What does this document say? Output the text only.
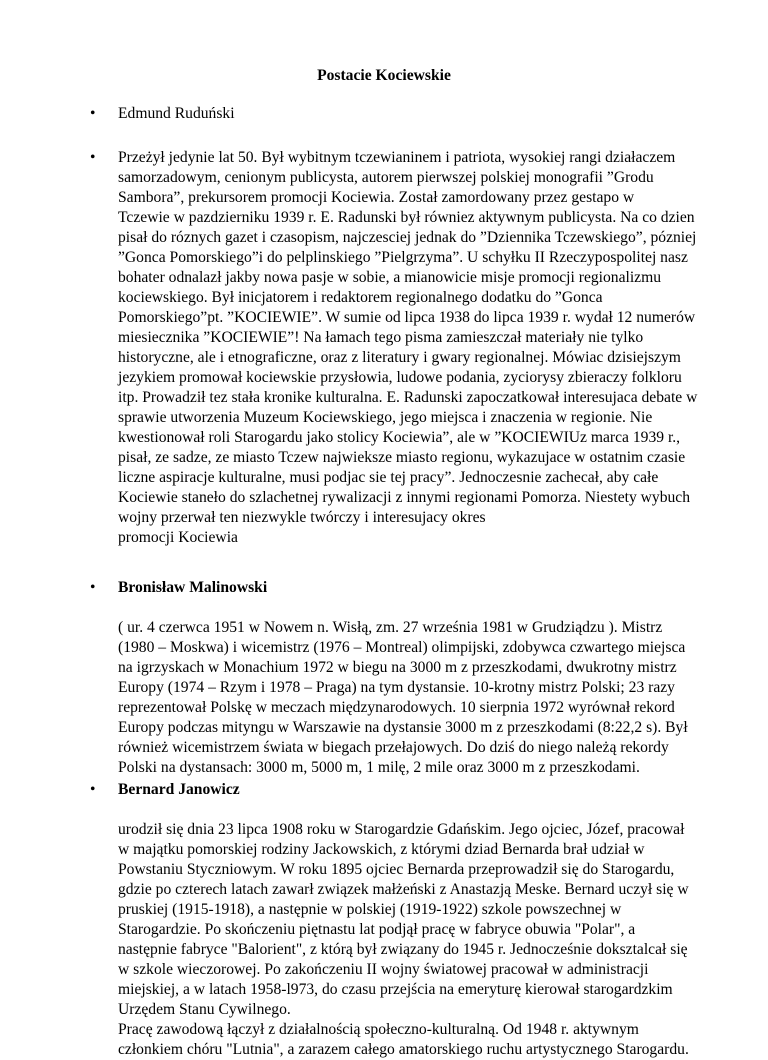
Postacie Kociewskie
• Edmund Ruduński
• Przeżył jedynie lat 50. Był wybitnym tczewianinem i patriota, wysokiej rangi działaczem
samorzadowym, cenionym publicysta, autorem pierwszej polskiej monografii ”Grodu
Sambora”, prekursorem promocji Kociewia. Został zamordowany przez gestapo w
Tczewie w pazdzierniku 1939 r. E. Radunski był równiez aktywnym publicysta. Na co dzien
pisał do róznych gazet i czasopism, najczesciej jednak do ”Dziennika Tczewskiego”, pózniej
”Gonca Pomorskiego”i do pelplinskiego ”Pielgrzyma”. U schyłku II Rzeczypospolitej nasz
bohater odnalazł jakby nowa pasje w sobie, a mianowicie misje promocji regionalizmu
kociewskiego. Był inicjatorem i redaktorem regionalnego dodatku do ”Gonca
Pomorskiego”pt. ”KOCIEWIE”. W sumie od lipca 1938 do lipca 1939 r. wydał 12 numerów
miesiecznika ”KOCIEWIE”! Na łamach tego pisma zamieszczał materiały nie tylko
historyczne, ale i etnograficzne, oraz z literatury i gwary regionalnej. Mówiac dzisiejszym
jezykiem promował kociewskie przysłowia, ludowe podania, zyciorysy zbieraczy folkloru
itp. Prowadził tez stała kronike kulturalna. E. Radunski zapoczatkował interesujaca debate w
sprawie utworzenia Muzeum Kociewskiego, jego miejsca i znaczenia w regionie. Nie
kwestionował roli Starogardu jako stolicy Kociewia”, ale w ”KOCIEWIUz marca 1939 r.,
pisał, ze sadze, ze miasto Tczew najwieksze miasto regionu, wykazujace w ostatnim czasie
liczne aspiracje kulturalne, musi podjac sie tej pracy”. Jednoczesnie zachecał, aby całe
Kociewie staneło do szlachetnej rywalizacji z innymi regionami Pomorza. Niestety wybuch
wojny przerwał ten niezwykle twórczy i interesujacy okres
promocji Kociewia
• Bronisław Malinowski
( ur. 4 czerwca 1951 w Nowem n. Wisłą, zm. 27 września 1981 w Grudziądzu ). Mistrz
(1980 – Moskwa) i wicemistrz (1976 – Montreal) olimpijski, zdobywca czwartego miejsca
na igrzyskach w Monachium 1972 w biegu na 3000 m z przeszkodami, dwukrotny mistrz
Europy (1974 – Rzym i 1978 – Praga) na tym dystansie. 10-krotny mistrz Polski; 23 razy
reprezentował Polskę w meczach międzynarodowych. 10 sierpnia 1972 wyrównał rekord
Europy podczas mityngu w Warszawie na dystansie 3000 m z przeszkodami (8:22,2 s). Był
również wicemistrzem świata w biegach przełajowych. Do dziś do niego należą rekordy
Polski na dystansach: 3000 m, 5000 m, 1 milę, 2 mile oraz 3000 m z przeszkodami.
• Bernard Janowicz
urodził się dnia 23 lipca 1908 roku w Starogardzie Gdańskim. Jego ojciec, Józef, pracował
w majątku pomorskiej rodziny Jackowskich, z którymi dziad Bernarda brał udział w
Powstaniu Styczniowym. W roku 1895 ojciec Bernarda przeprowadził się do Starogardu,
gdzie po czterech latach zawarł związek małżeński z Anastazją Meske. Bernard uczył się w
pruskiej (1915-1918), a następnie w polskiej (1919-1922) szkole powszechnej w
Starogardzie. Po skończeniu piętnastu lat podjął pracę w fabryce obuwia "Polar", a
następnie fabryce "Balorient", z którą był związany do 1945 r. Jednocześnie doksztalcał się
w szkole wieczorowej. Po zakończeniu II wojny światowej pracował w administracji
miejskiej, a w latach 1958-l973, do czasu przejścia na emeryturę kierował starogardzkim
Urzędem Stanu Cywilnego.
Pracę zawodową łączył z działalnością społeczno-kulturalną. Od 1948 r. aktywnym
członkiem chóru "Lutnia", a zarazem całego amatorskiego ruchu artystycznego Starogardu.
